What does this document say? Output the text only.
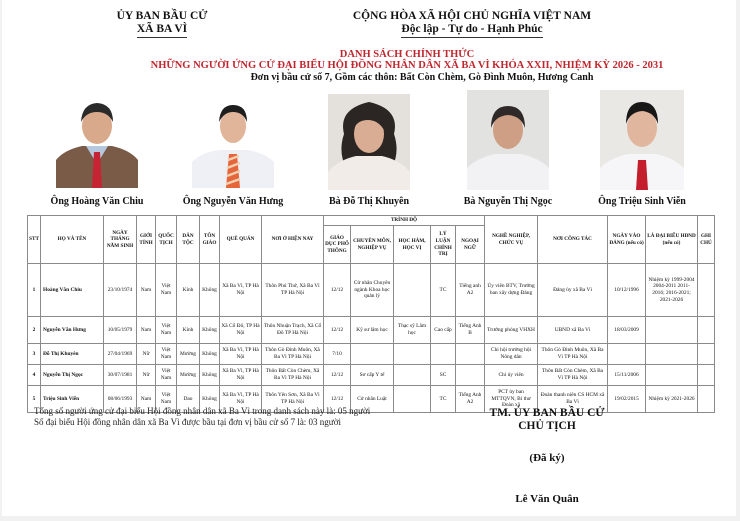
ỦY BAN BẦU CỬ
XÃ BA VÌ
CỘNG HÒA XÃ HỘI CHỦ NGHĨA VIỆT NAM
Độc lập - Tự do - Hạnh Phúc
DANH SÁCH CHÍNH THỨC
NHỮNG NGƯỜI ỨNG CỬ ĐẠI BIỂU HỘI ĐỒNG NHÂN DÂN XÃ BA VÌ KHÓA XXII, NHIỆM KỲ 2026 - 2031
Đơn vị bầu cử số 7, Gồm các thôn: Bất Còn Chèm, Gò Đình Muôn, Hương Canh
Ông Hoàng Văn Chiu	Ông Nguyễn Văn Hưng	Bà Đỗ Thị Khuyên	Bà Nguyễn Thị Ngọc	Ông Triệu Sinh Viễn
STT	HỌ VÀ TÊN	NGÀY THÁNG NĂM SINH	GIỚI TÍNH	QUỐC TỊCH	DÂN TỘC	TÔN GIÁO	QUÊ QUÁN	NƠI Ở HIỆN NAY	TRÌNH ĐỘ					NGHỀ NGHIỆP, CHỨC VỤ	NƠI CÔNG TÁC	NGÀY VÀO ĐẢNG (nếu có)	LÀ ĐẠI BIỂU HĐND (nếu có)	GHI CHÚ
									GIÁO DỤC PHỔ THÔNG	CHUYÊN MÔN, NGHIỆP VỤ	HỌC HÀM, HỌC VỊ	LÝ LUẬN CHÍNH TRỊ	NGOẠI NGỮ					
1	Hoàng Văn Chiu	23/10/1974	Nam	Việt Nam	Kinh	Không	Xã Ba Vì, TP Hà Nội	Thôn Phú Thứ, Xã Ba Vì TP Hà Nội	12/12	Cử nhân Chuyên ngành Khoa học quản lý		TC	Tiếng anh A2	Ủy viên BTV, Trưởng ban xây dựng Đảng	Đảng ủy xã Ba Vì	10/12/1996	Nhiệm kỳ 1999-2004 2004-2011 2011-2016; 2016-2021; 2021-2026	
2	Nguyễn Văn Hưng	10/05/1979	Nam	Việt Nam	Kinh	Không	Xã Cổ Đô, TP Hà Nội	Thôn Nhuận Trạch, Xã Cổ Đô TP Hà Nội	12/12	Kỹ sư lâm học	Thạc sỹ Lâm học	Cao cấp	Tiếng Anh B	Trưởng phòng VHXH	UBND xã Ba Vì	18/03/2009		
3	Đỗ Thị Khuyên	27/04/1969	Nữ	Việt Nam	Mường	Không	Xã Ba Vì, TP Hà Nội	Thôn Gò Đình Muôn, Xã Ba Vì TP Hà Nội	7/10					Chi hội trưởng hội Nông dân	Thôn Gò Đình Muôn, Xã Ba Vì TP Hà Nội			
4	Nguyễn Thị Ngọc	30/07/1981	Nữ	Việt Nam	Mường	Không	Xã Ba Vì, TP Hà Nội	Thôn Bất Còn Chèm, Xã Ba Vì TP Hà Nội	12/12	Sơ cấp Y tế		SC		Chi ủy viên	Thôn Bất Còn Chèm, Xã Ba Vì TP Hà Nội	15/11/2006		
5	Triệu Sinh Viễn	08/06/1993	Nam	Việt Nam	Dao	Không	Xã Ba Vì, TP Hà Nội	Thôn Yên Sơn, Xã Ba Vì TP Hà Nội	12/12	Cử nhân Luật		TC	Tiếng Anh A2	PCT ủy ban MTTQVN, Bí thư Đoàn xã	Đoàn thanh niên CS HCM xã Ba Vì	19/02/2015	Nhiệm kỳ 2021-2026	
Tổng số người ứng cử đại biểu Hội đồng nhân dân xã Ba Vì trong danh sách này là: 05 người
Số đại biểu Hội đồng nhân dân xã Ba Vì được bầu tại đơn vị bầu cử số 7 là: 03 người
TM. ỦY BAN BẦU CỬ
CHỦ TỊCH
(Đã ký)
Lê Văn Quân
